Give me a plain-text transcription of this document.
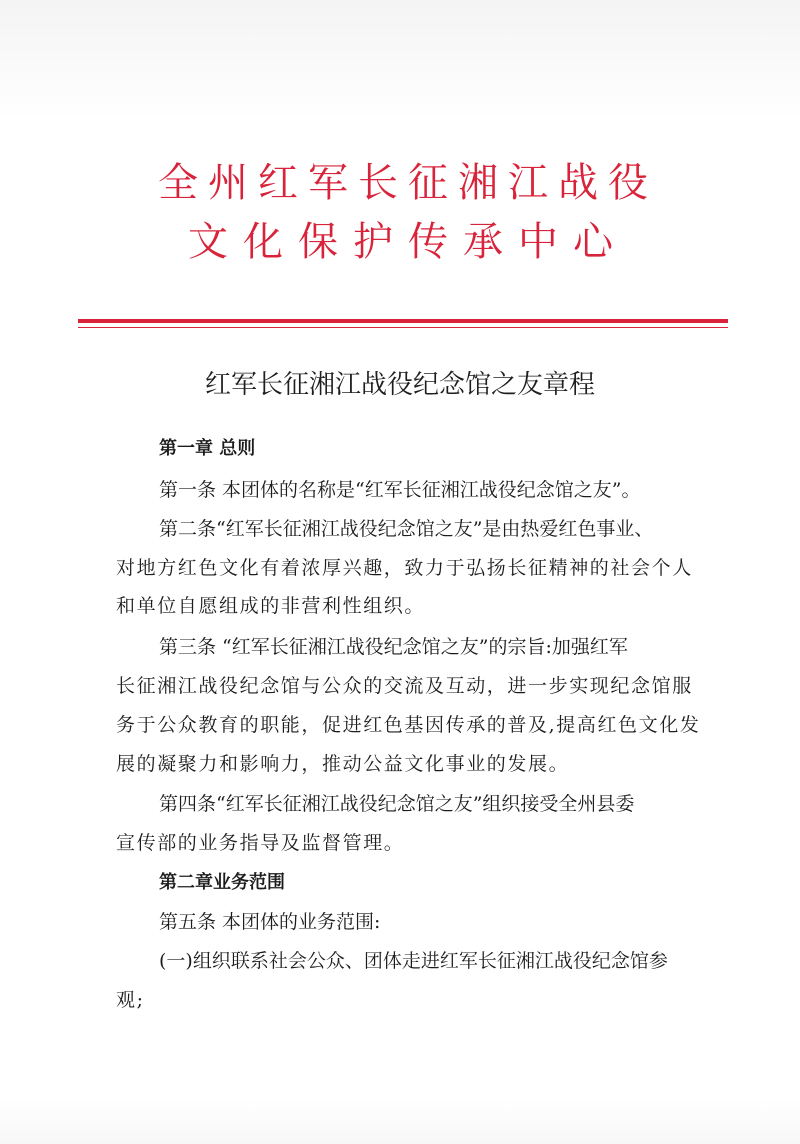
全州红军长征湘江战役
文化保护传承中心
红军长征湘江战役纪念馆之友章程
第一章 总则
第一条 本团体的名称是“红军长征湘江战役纪念馆之友”。
第二条“红军长征湘江战役纪念馆之友”是由热爱红色事业、
对地方红色文化有着浓厚兴趣，致力于弘扬长征精神的社会个人
和单位自愿组成的非营利性组织。
第三条 “红军长征湘江战役纪念馆之友”的宗旨:加强红军
长征湘江战役纪念馆与公众的交流及互动，进一步实现纪念馆服
务于公众教育的职能，促进红色基因传承的普及,提高红色文化发
展的凝聚力和影响力，推动公益文化事业的发展。
第四条“红军长征湘江战役纪念馆之友”组织接受全州县委
宣传部的业务指导及监督管理。
第二章业务范围
第五条 本团体的业务范围:
(一)组织联系社会公众、团体走进红军长征湘江战役纪念馆参
观;
